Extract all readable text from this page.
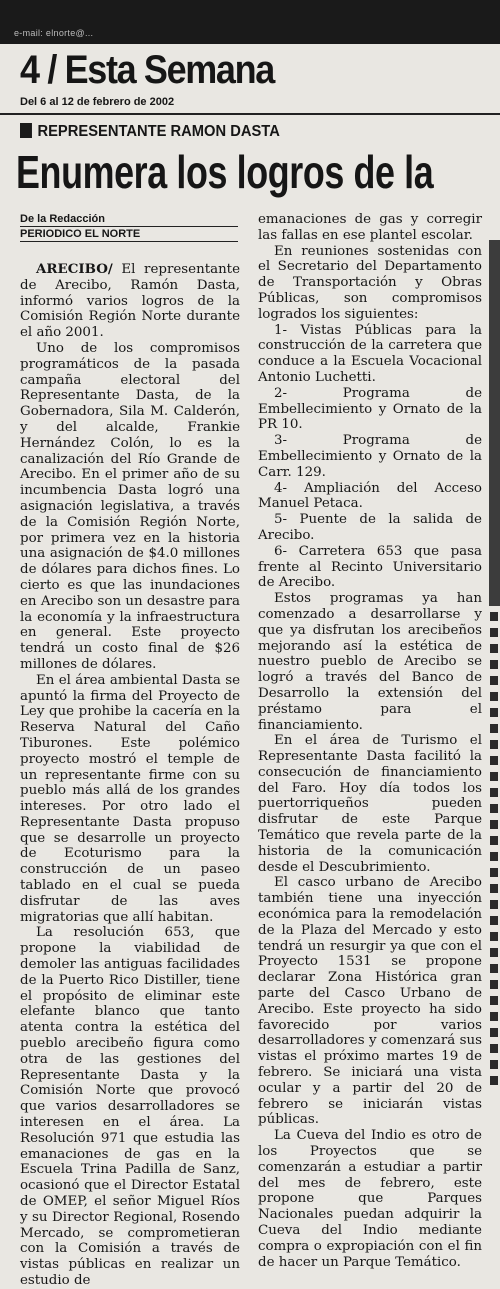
e-mail: elnorte@...
4 / Esta Semana
Del 6 al 12 de febrero de 2002
REPRESENTANTE RAMON DASTA
Enumera los logros de la
De la Redacción
PERIODICO EL NORTE

ARECIBO/ El representante de Arecibo, Ramón Dasta, informó varios logros de la Comisión Región Norte durante el año 2001.

Uno de los compromisos programáticos de la pasada campaña electoral del Representante Dasta, de la Gobernadora, Sila M. Calderón, y del alcalde, Frankie Hernández Colón, lo es la canalización del Río Grande de Arecibo. En el primer año de su incumbencia Dasta logró una asignación legislativa, a través de la Comisión Región Norte, por primera vez en la historia una asignación de $4.0 millones de dólares para dichos fines. Lo cierto es que las inundaciones en Arecibo son un desastre para la economía y la infraestructura en general. Este proyecto tendrá un costo final de $26 millones de dólares.

En el área ambiental Dasta se apuntó la firma del Proyecto de Ley que prohibe la cacería en la Reserva Natural del Caño Tiburones. Este polémico proyecto mostró el temple de un representante firme con su pueblo más allá de los grandes intereses. Por otro lado el Representante Dasta propuso que se desarrolle un proyecto de Ecoturismo para la construcción de un paseo tablado en el cual se pueda disfrutar de las aves migratorias que allí habitan.

La resolución 653, que propone la viabilidad de demoler las antiguas facilidades de la Puerto Rico Distiller, tiene el propósito de eliminar este elefante blanco que tanto atenta contra la estética del pueblo arecibeño figura como otra de las gestiones del Representante Dasta y la Comisión Norte que provocó que varios desarrolladores se interesen en el área. La Resolución 971 que estudia las emanaciones de gas en la Escuela Trina Padilla de Sanz, ocasionó que el Director Estatal de OMEP, el señor Miguel Ríos y su Director Regional, Rosendo Mercado, se comprometieran con la Comisión a través de vistas públicas en realizar un estudio de

emanaciones de gas y corregir las fallas en ese plantel escolar.

En reuniones sostenidas con el Secretario del Departamento de Transportación y Obras Públicas, son compromisos logrados los siguientes:

1- Vistas Públicas para la construcción de la carretera que conduce a la Escuela Vocacional Antonio Luchetti.

2- Programa de Embellecimiento y Ornato de la PR 10.

3- Programa de Embellecimiento y Ornato de la Carr. 129.

4- Ampliación del Acceso Manuel Petaca.

5- Puente de la salida de Arecibo.

6- Carretera 653 que pasa frente al Recinto Universitario de Arecibo.

Estos programas ya han comenzado a desarrollarse y que ya disfrutan los arecibeños mejorando así la estética de nuestro pueblo de Arecibo se logró a través del Banco de Desarrollo la extensión del préstamo para el financiamiento.

En el área de Turismo el Representante Dasta facilitó la consecución de financiamiento del Faro. Hoy día todos los puertorriqueños pueden disfrutar de este Parque Temático que revela parte de la historia de la comunicación desde el Descubrimiento.

El casco urbano de Arecibo también tiene una inyección económica para la remodelación de la Plaza del Mercado y esto tendrá un resurgir ya que con el Proyecto 1531 se propone declarar Zona Histórica gran parte del Casco Urbano de Arecibo. Este proyecto ha sido favorecido por varios desarrolladores y comenzará sus vistas el próximo martes 19 de febrero. Se iniciará una vista ocular y a partir del 20 de febrero se iniciarán vistas públicas.

La Cueva del Indio es otro de los Proyectos que se comenzarán a estudiar a partir del mes de febrero, este propone que Parques Nacionales puedan adquirir la Cueva del Indio mediante compra o expropiación con el fin de hacer un Parque Temático.
